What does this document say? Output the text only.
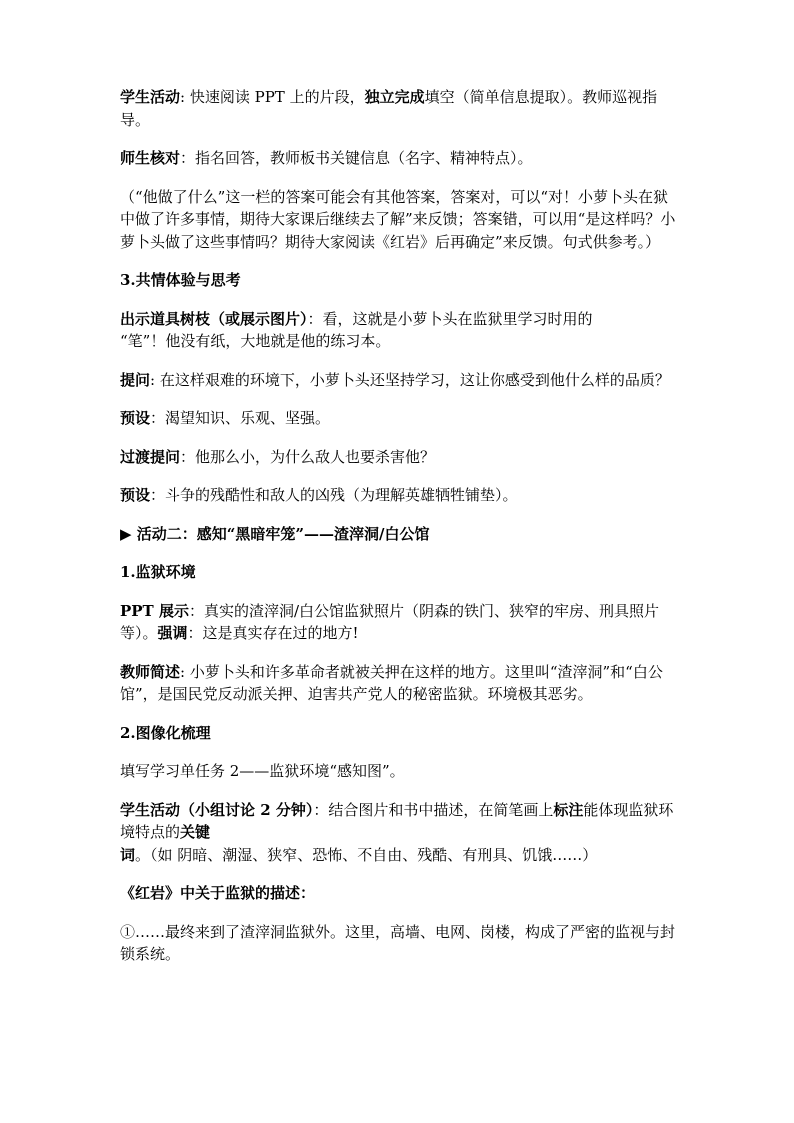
学生活动: 快速阅读 PPT 上的片段，独立完成填空（简单信息提取）。教师巡视指导。

师生核对：指名回答，教师板书关键信息（名字、精神特点）。

（“他做了什么”这一栏的答案可能会有其他答案，答案对，可以“对！小萝卜头在狱中做了许多事情，期待大家课后继续去了解”来反馈；答案错，可以用“是这样吗？小萝卜头做了这些事情吗？期待大家阅读《红岩》后再确定”来反馈。句式供参考。）

3.共情体验与思考

出示道具树枝（或展示图片）：看，这就是小萝卜头在监狱里学习时用的
“笔”！他没有纸，大地就是他的练习本。

提问: 在这样艰难的环境下，小萝卜头还坚持学习，这让你感受到他什么样的品质？

预设：渴望知识、乐观、坚强。

过渡提问：他那么小，为什么敌人也要杀害他？

预设：斗争的残酷性和敌人的凶残（为理解英雄牺牲铺垫）。

▶ 活动二：感知“黑暗牢笼”——渣滓洞/白公馆

1.监狱环境

PPT 展示：真实的渣滓洞/白公馆监狱照片（阴森的铁门、狭窄的牢房、刑具照片等）。强调：这是真实存在过的地方!

教师简述: 小萝卜头和许多革命者就被关押在这样的地方。这里叫“渣滓洞”和“白公馆”，是国民党反动派关押、迫害共产党人的秘密监狱。环境极其恶劣。

2.图像化梳理

填写学习单任务 2——监狱环境“感知图”。

学生活动（小组讨论 2 分钟）：结合图片和书中描述，在简笔画上标注能体现监狱环境特点的关键词。（如 阴暗、潮湿、狭窄、恐怖、不自由、残酷、有刑具、饥饿……）

《红岩》中关于监狱的描述：

①……最终来到了渣滓洞监狱外。这里，高墙、电网、岗楼，构成了严密的监视与封锁系统。
